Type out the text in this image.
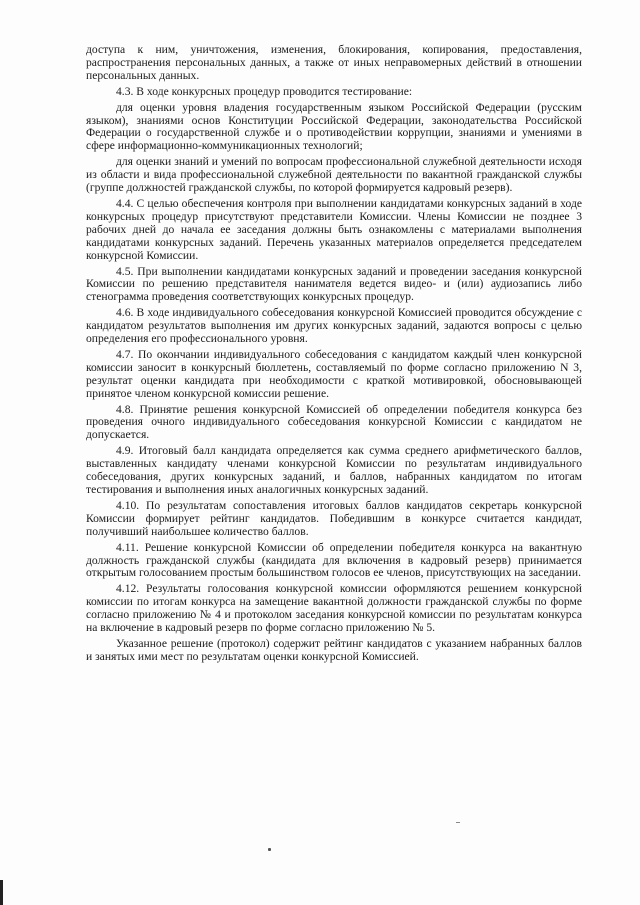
доступа к ним, уничтожения, изменения, блокирования, копирования, предоставления, распространения персональных данных, а также от иных неправомерных действий в отношении персональных данных.

4.3. В ходе конкурсных процедур проводится тестирование:

для оценки уровня владения государственным языком Российской Федерации (русским языком), знаниями основ Конституции Российской Федерации, законодательства Российской Федерации о государственной службе и о противодействии коррупции, знаниями и умениями в сфере информационно-коммуникационных технологий;

для оценки знаний и умений по вопросам профессиональной служебной деятельности исходя из области и вида профессиональной служебной деятельности по вакантной гражданской службы (группе должностей гражданской службы, по которой формируется кадровый резерв).

4.4. С целью обеспечения контроля при выполнении кандидатами конкурсных заданий в ходе конкурсных процедур присутствуют представители Комиссии. Члены Комиссии не позднее 3 рабочих дней до начала ее заседания должны быть ознакомлены с материалами выполнения кандидатами конкурсных заданий. Перечень указанных материалов определяется председателем конкурсной Комиссии.

4.5. При выполнении кандидатами конкурсных заданий и проведении заседания конкурсной Комиссии по решению представителя нанимателя ведется видео- и (или) аудиозапись либо стенограмма проведения соответствующих конкурсных процедур.

4.6. В ходе индивидуального собеседования конкурсной Комиссией проводится обсуждение с кандидатом результатов выполнения им других конкурсных заданий, задаются вопросы с целью определения его профессионального уровня.

4.7. По окончании индивидуального собеседования с кандидатом каждый член конкурсной комиссии заносит в конкурсный бюллетень, составляемый по форме согласно приложению N 3, результат оценки кандидата при необходимости с краткой мотивировкой, обосновывающей принятое членом конкурсной комиссии решение.

4.8. Принятие решения конкурсной Комиссией об определении победителя конкурса без проведения очного индивидуального собеседования конкурсной Комиссии с кандидатом не допускается.

4.9. Итоговый балл кандидата определяется как сумма среднего арифметического баллов, выставленных кандидату членами конкурсной Комиссии по результатам индивидуального собеседования, других конкурсных заданий, и баллов, набранных кандидатом по итогам тестирования и выполнения иных аналогичных конкурсных заданий.

4.10. По результатам сопоставления итоговых баллов кандидатов секретарь конкурсной Комиссии формирует рейтинг кандидатов. Победившим в конкурсе считается кандидат, получивший наибольшее количество баллов.

4.11. Решение конкурсной Комиссии об определении победителя конкурса на вакантную должность гражданской службы (кандидата для включения в кадровый резерв) принимается открытым голосованием простым большинством голосов ее членов, присутствующих на заседании.

4.12. Результаты голосования конкурсной комиссии оформляются решением конкурсной комиссии по итогам конкурса на замещение вакантной должности гражданской службы по форме согласно приложению № 4 и протоколом заседания конкурсной комиссии по результатам конкурса на включение в кадровый резерв по форме согласно приложению № 5.

Указанное решение (протокол) содержит рейтинг кандидатов с указанием набранных баллов и занятых ими мест по результатам оценки конкурсной Комиссией.
